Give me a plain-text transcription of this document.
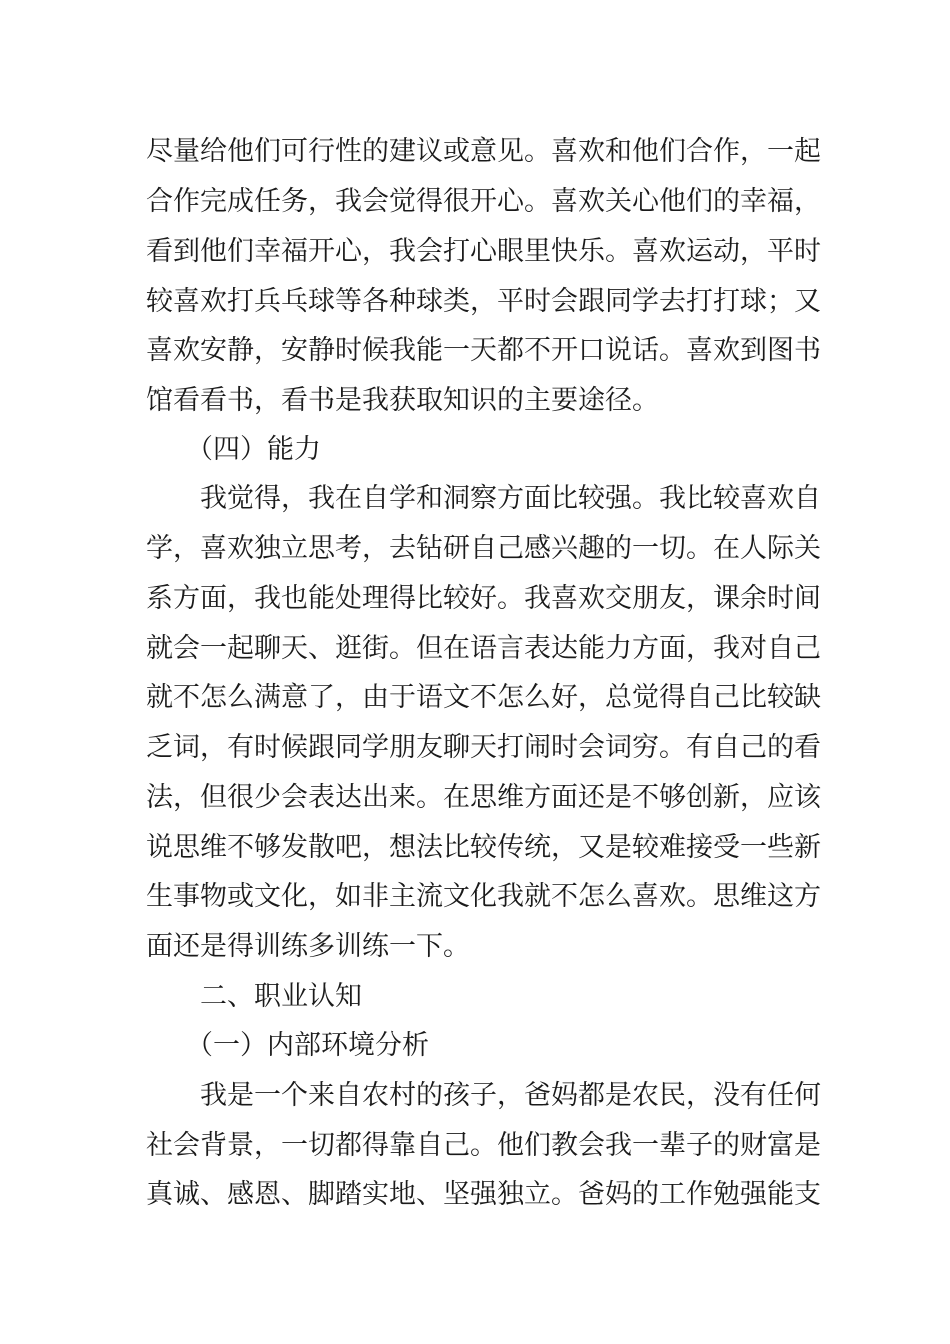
尽量给他们可行性的建议或意见。喜欢和他们合作，一起
合作完成任务，我会觉得很开心。喜欢关心他们的幸福，
看到他们幸福开心，我会打心眼里快乐。喜欢运动，平时
较喜欢打兵乓球等各种球类，平时会跟同学去打打球；又
喜欢安静，安静时候我能一天都不开口说话。喜欢到图书
馆看看书，看书是我获取知识的主要途径。
（四）能力
我觉得，我在自学和洞察方面比较强。我比较喜欢自
学，喜欢独立思考，去钻研自己感兴趣的一切。在人际关
系方面，我也能处理得比较好。我喜欢交朋友，课余时间
就会一起聊天、逛街。但在语言表达能力方面，我对自己
就不怎么满意了，由于语文不怎么好，总觉得自己比较缺
乏词，有时候跟同学朋友聊天打闹时会词穷。有自己的看
法，但很少会表达出来。在思维方面还是不够创新，应该
说思维不够发散吧，想法比较传统，又是较难接受一些新
生事物或文化，如非主流文化我就不怎么喜欢。思维这方
面还是得训练多训练一下。
二、职业认知
（一）内部环境分析
我是一个来自农村的孩子，爸妈都是农民，没有任何
社会背景，一切都得靠自己。他们教会我一辈子的财富是
真诚、感恩、脚踏实地、坚强独立。爸妈的工作勉强能支
